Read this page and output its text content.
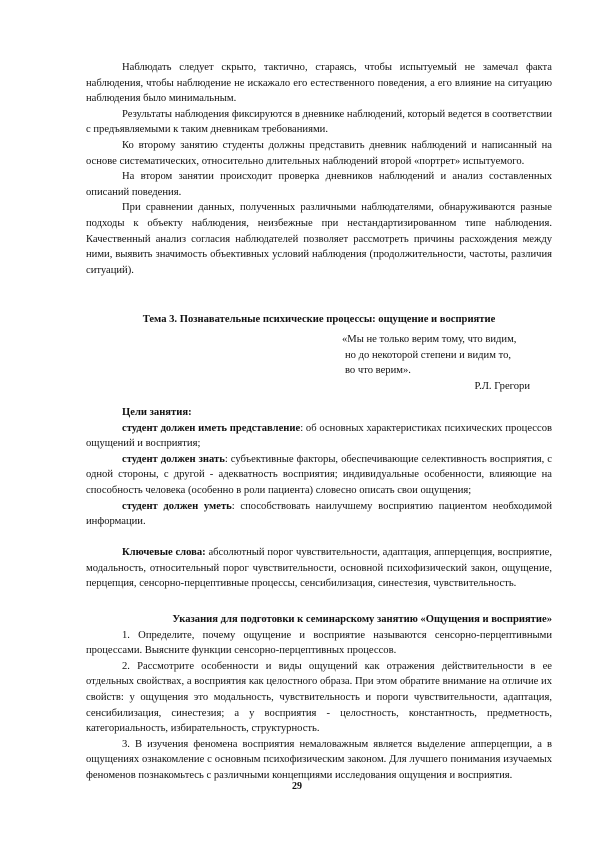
Наблюдать следует скрыто, тактично, стараясь, чтобы испытуемый не замечал факта наблюдения, чтобы наблюдение не искажало его естественного поведения, а его влияние на ситуацию наблюдения было минимальным.

Результаты наблюдения фиксируются в дневнике наблюдений, который ведется в соответствии с предъявляемыми к таким дневникам требованиями.

Ко второму занятию студенты должны представить дневник наблюдений и написанный на основе систематических, относительно длительных наблюдений второй «портрет» испытуемого.

На втором занятии происходит проверка дневников наблюдений и анализ составленных описаний поведения.

При сравнении данных, полученных различными наблюдателями, обнаруживаются разные подходы к объекту наблюдения, неизбежные при нестандартизированном типе наблюдения. Качественный анализ согласия наблюдателей позволяет рассмотреть причины расхождения между ними, выявить значимость объективных условий наблюдения (продолжительности, частоты, различия ситуаций).

Тема 3. Познавательные психические процессы: ощущение и восприятие
«Мы не только верим тому, что видим,
но до некоторой степени и видим то,
во что верим».
Р.Л. Грегори

Цели занятия:

студент должен иметь представление: об основных характеристиках психических процессов ощущений и восприятия;

студент должен знать: субъективные факторы, обеспечивающие селективность восприятия, с одной стороны, с другой - адекватность восприятия; индивидуальные особенности, влияющие на способность человека (особенно в роли пациента) словесно описать свои ощущения;

студент должен уметь: способствовать наилучшему восприятию пациентом необходимой информации.

Ключевые слова: абсолютный порог чувствительности, адаптация, апперцепция, восприятие, модальность, относительный порог чувствительности, основной психофизический закон, ощущение, перцепция, сенсорно-перцептивные процессы, сенсибилизация, синестезия, чувствительность.

Указания для подготовки к семинарскому занятию «Ощущения и восприятие»

1. Определите, почему ощущение и восприятие называются сенсорно-перцептивными процессами. Выясните функции сенсорно-перцептивных процессов.

2. Рассмотрите особенности и виды ощущений как отражения действительности в ее отдельных свойствах, а восприятия как целостного образа. При этом обратите внимание на отличие их свойств: у ощущения это модальность, чувствительность и пороги чувствительности, адаптация, сенсибилизация, синестезия; а у восприятия - целостность, константность, предметность, категориальность, избирательность, структурность.

3. В изучения феномена восприятия немаловажным является выделение апперцепции, а в ощущениях ознакомление с основным психофизическим законом. Для лучшего понимания изучаемых феноменов познакомьтесь с различными концепциями исследования ощущения и восприятия.

29
